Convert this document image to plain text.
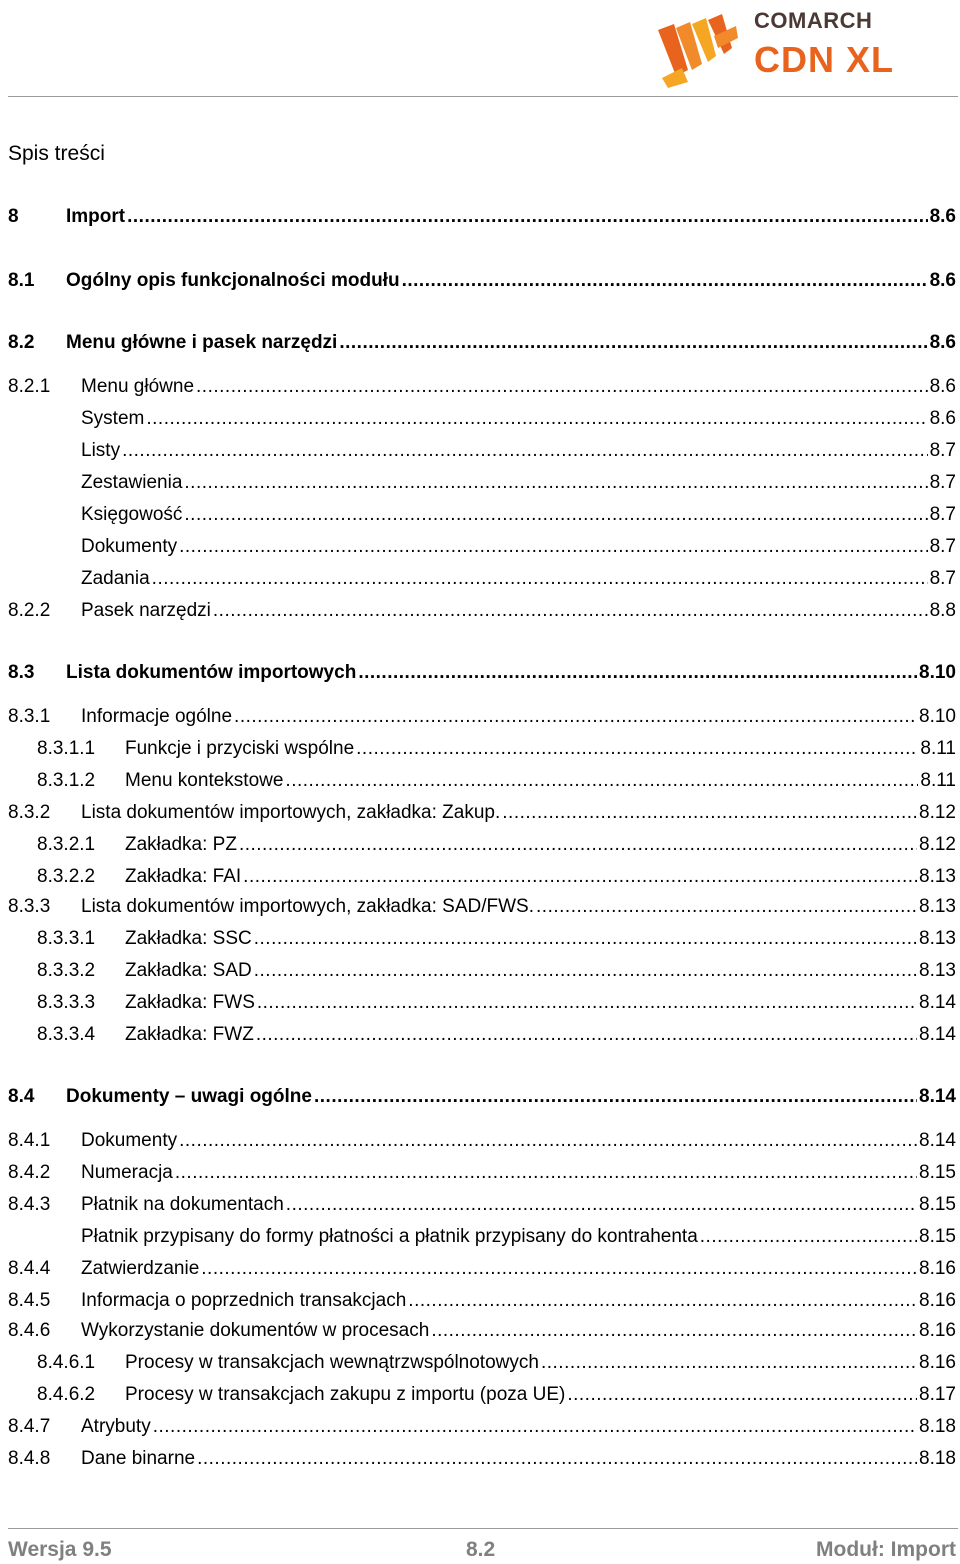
COMARCH
CDN XL
Spis treści
8	Import .....	8.6
8.1	Ogólny opis funkcjonalności modułu .....	8.6
8.2	Menu główne i pasek narzędzi .....	8.6
8.2.1	Menu główne .....	8.6
System .....	8.6
Listy .....	8.7
Zestawienia .....	8.7
Księgowość .....	8.7
Dokumenty .....	8.7
Zadania .....	8.7
8.2.2	Pasek narzędzi .....	8.8
8.3	Lista dokumentów importowych .....	8.10
8.3.1	Informacje ogólne .....	8.10
8.3.1.1	Funkcje i przyciski wspólne .....	8.11
8.3.1.2	Menu kontekstowe .....	8.11
8.3.2	Lista dokumentów importowych, zakładka: Zakup. .....	8.12
8.3.2.1	Zakładka: PZ .....	8.12
8.3.2.2	Zakładka: FAI .....	8.13
8.3.3	Lista dokumentów importowych, zakładka: SAD/FWS. .....	8.13
8.3.3.1	Zakładka: SSC .....	8.13
8.3.3.2	Zakładka: SAD .....	8.13
8.3.3.3	Zakładka: FWS .....	8.14
8.3.3.4	Zakładka: FWZ .....	8.14
8.4	Dokumenty – uwagi ogólne .....	8.14
8.4.1	Dokumenty .....	8.14
8.4.2	Numeracja .....	8.15
8.4.3	Płatnik na dokumentach .....	8.15
Płatnik przypisany do formy płatności a płatnik przypisany do kontrahenta .....	8.15
8.4.4	Zatwierdzanie .....	8.16
8.4.5	Informacja o poprzednich transakcjach .....	8.16
8.4.6	Wykorzystanie dokumentów w procesach .....	8.16
8.4.6.1	Procesy w transakcjach wewnątrzwspólnotowych .....	8.16
8.4.6.2	Procesy w transakcjach zakupu z importu (poza UE) .....	8.17
8.4.7	Atrybuty .....	8.18
8.4.8	Dane binarne .....	8.18
Wersja 9.5	8.2	Moduł: Import
